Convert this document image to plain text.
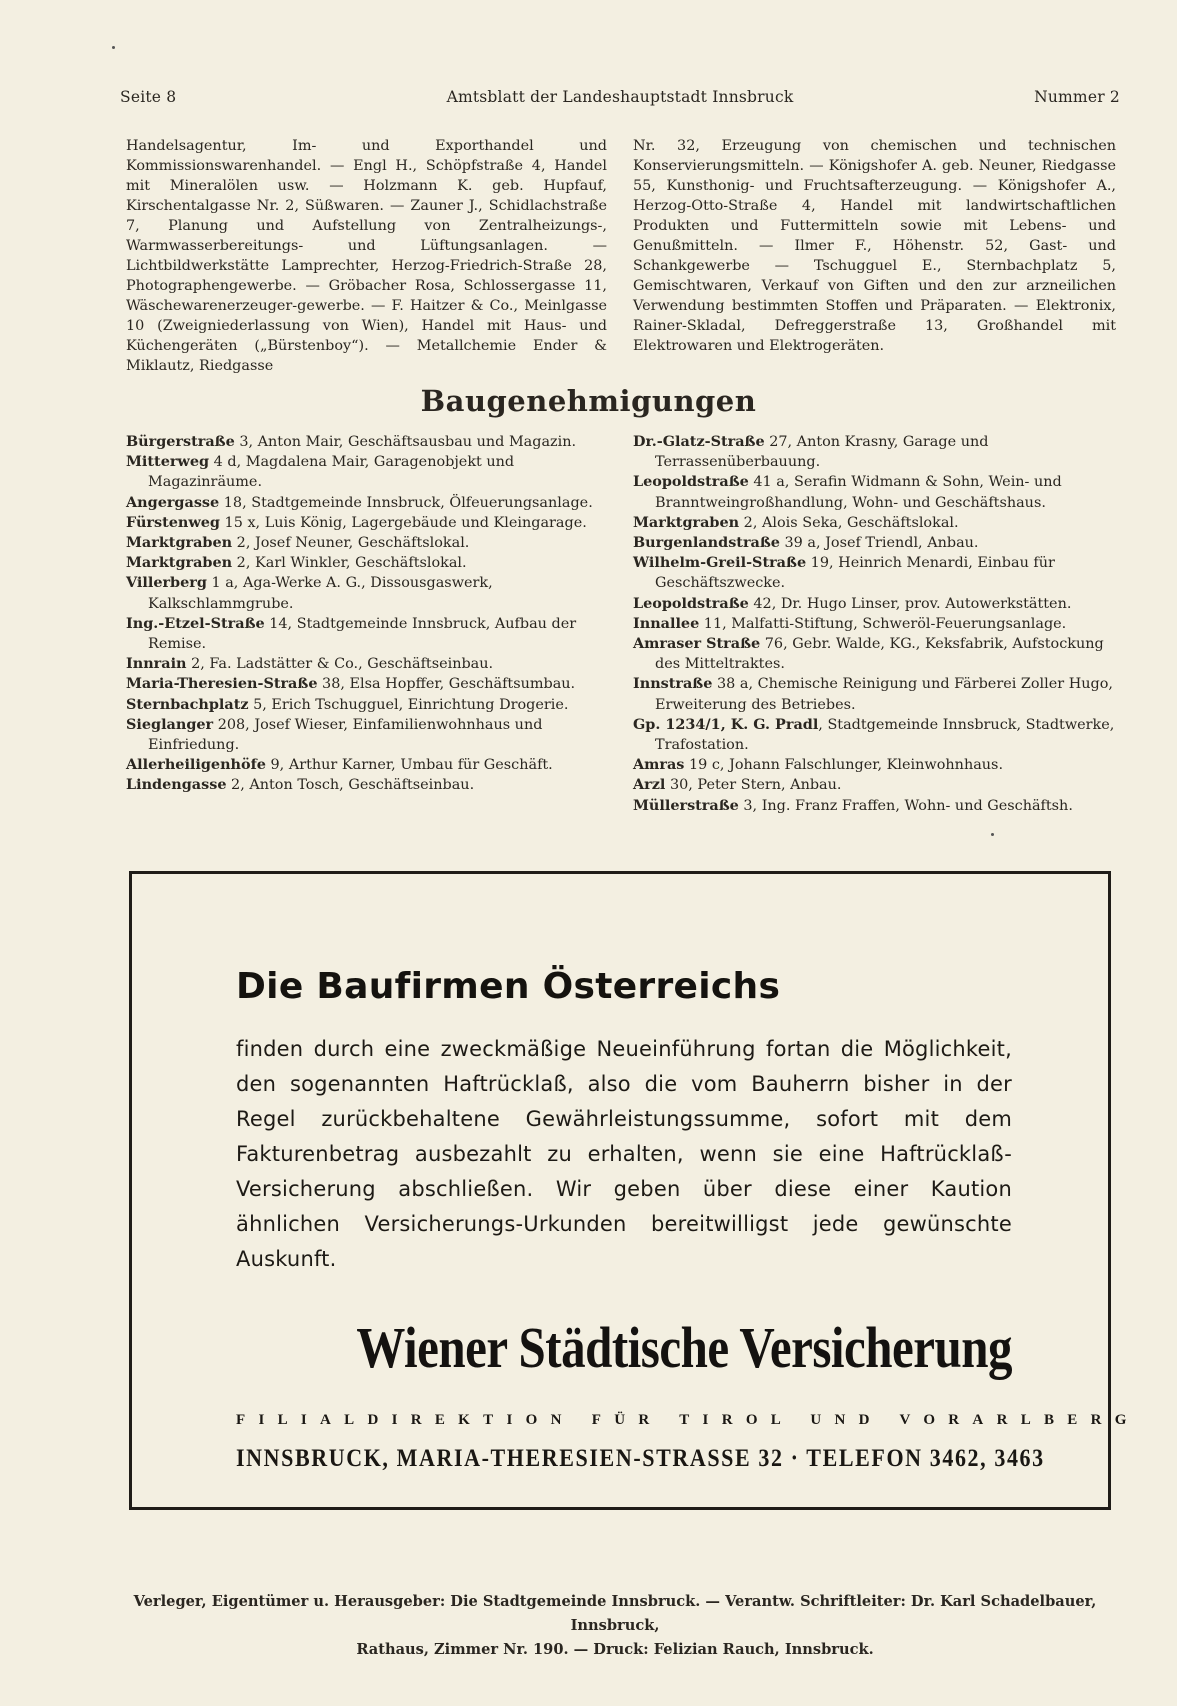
Seite 8	Amtsblatt der Landeshauptstadt Innsbruck	Nummer 2

Handelsagentur, Im- und Exporthandel und Kommissionswarenhandel. — Engl H., Schöpfstraße 4, Handel mit Mineralölen usw. — Holzmann K. geb. Hupfauf, Kirschentalgasse Nr. 2, Süßwaren. — Zauner J., Schidlachstraße 7, Planung und Aufstellung von Zentralheizungs-, Warmwasserbereitungs- und Lüftungsanlagen. — Lichtbildwerkstätte Lamprechter, Herzog-Friedrich-Straße 28, Photographengewerbe. — Gröbacher Rosa, Schlossergasse 11, Wäschewarenerzeuger-gewerbe. — F. Haitzer & Co., Meinlgasse 10 (Zweigniederlassung von Wien), Handel mit Haus- und Küchengeräten („Bürstenboy“). — Metallchemie Ender & Miklautz, Riedgasse

Nr. 32, Erzeugung von chemischen und technischen Konservierungsmitteln. — Königshofer A. geb. Neuner, Riedgasse 55, Kunsthonig- und Fruchtsafterzeugung. — Königshofer A., Herzog-Otto-Straße 4, Handel mit landwirtschaftlichen Produkten und Futtermitteln sowie mit Lebens- und Genußmitteln. — Ilmer F., Höhenstr. 52, Gast- und Schankgewerbe — Tschugguel E., Sternbachplatz 5, Gemischtwaren, Verkauf von Giften und den zur arzneilichen Verwendung bestimmten Stoffen und Präparaten. — Elektronix, Rainer-Skladal, Defreggerstraße 13, Großhandel mit Elektrowaren und Elektrogeräten.

Baugenehmigungen

Bürgerstraße 3, Anton Mair, Geschäftsausbau und Magazin.

Mitterweg 4 d, Magdalena Mair, Garagenobjekt und Magazinräume.

Angergasse 18, Stadtgemeinde Innsbruck, Ölfeuerungsanlage.

Fürstenweg 15 x, Luis König, Lagergebäude und Kleingarage.

Marktgraben 2, Josef Neuner, Geschäftslokal.

Marktgraben 2, Karl Winkler, Geschäftslokal.

Villerberg 1 a, Aga-Werke A. G., Dissousgaswerk, Kalkschlammgrube.

Ing.-Etzel-Straße 14, Stadtgemeinde Innsbruck, Aufbau der Remise.

Innrain 2, Fa. Ladstätter & Co., Geschäftseinbau.

Maria-Theresien-Straße 38, Elsa Hopffer, Geschäftsumbau.

Sternbachplatz 5, Erich Tschugguel, Einrichtung Drogerie.

Sieglanger 208, Josef Wieser, Einfamilienwohnhaus und Einfriedung.

Allerheiligenhöfe 9, Arthur Karner, Umbau für Geschäft.

Lindengasse 2, Anton Tosch, Geschäftseinbau.

Dr.-Glatz-Straße 27, Anton Krasny, Garage und Terrassenüberbauung.

Leopoldstraße 41 a, Serafin Widmann & Sohn, Wein- und Branntweingroßhandlung, Wohn- und Geschäftshaus.

Marktgraben 2, Alois Seka, Geschäftslokal.

Burgenlandstraße 39 a, Josef Triendl, Anbau.

Wilhelm-Greil-Straße 19, Heinrich Menardi, Einbau für Geschäftszwecke.

Leopoldstraße 42, Dr. Hugo Linser, prov. Autowerkstätten.

Innallee 11, Malfatti-Stiftung, Schweröl-Feuerungsanlage.

Amraser Straße 76, Gebr. Walde, KG., Keksfabrik, Aufstockung des Mitteltraktes.

Innstraße 38 a, Chemische Reinigung und Färberei Zoller Hugo, Erweiterung des Betriebes.

Gp. 1234/1, K. G. Pradl, Stadtgemeinde Innsbruck, Stadtwerke, Trafostation.

Amras 19 c, Johann Falschlunger, Kleinwohnhaus.

Arzl 30, Peter Stern, Anbau.

Müllerstraße 3, Ing. Franz Fraffen, Wohn- und Geschäftsh.

Die Baufirmen Österreichs
finden durch eine zweckmäßige Neueinführung fortan die Möglichkeit, den sogenannten Haftrücklaß, also die vom Bauherrn bisher in der Regel zurückbehaltene Gewährleistungssumme, sofort mit dem Fakturenbetrag ausbezahlt zu erhalten, wenn sie eine Haftrücklaß-Versicherung abschließen. Wir geben über diese einer Kaution ähnlichen Versicherungs-Urkunden bereitwilligst jede gewünschte Auskunft.
Wiener Städtische Versicherung
FILIALDIREKTION FÜR TIROL UND VORARLBERG
INNSBRUCK, MARIA-THERESIEN-STRASSE 32 · TELEFON 3462, 3463
Verleger, Eigentümer u. Herausgeber: Die Stadtgemeinde Innsbruck. — Verantw. Schriftleiter: Dr. Karl Schadelbauer, Innsbruck,
Rathaus, Zimmer Nr. 190. — Druck: Felizian Rauch, Innsbruck.
